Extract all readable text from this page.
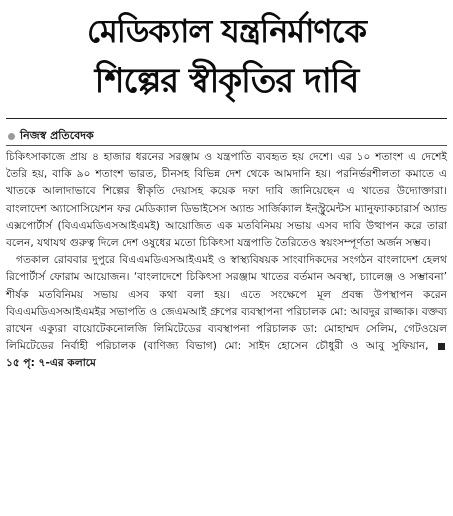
মেডিক্যাল যন্ত্রনির্মাণকে
শিল্পের স্বীকৃতির দাবি
নিজস্ব প্রতিবেদক

চিকিৎসাকাজে প্রায় ৪ হাজার ধরনের সরঞ্জাম ও যন্ত্রপাতি ব্যবহৃত হয় দেশে। এর ১০ শতাংশ এ দেশেই তৈরি হয়, বাকি ৯০ শতাংশ ভারত, চীনসহ বিভিন্ন দেশ থেকে আমদানি হয়। পরনির্ভরশীলতা কমাতে এ খাতকে আলাদাভাবে শিল্পের স্বীকৃতি দেয়াসহ কয়েক দফা দাবি জানিয়েছেন এ খাতের উদ্যোক্তারা। বাংলাদেশ অ্যাসোসিয়েশন ফর মেডিক্যাল ডিভাইসেস অ্যান্ড সার্জিক্যাল ইনস্ট্রুমেন্টস ম্যানুফ্যাকচারার্স অ্যান্ড এক্সপোর্টার্স (বিএএমডিএসআইএমই) আয়োজিত এক মতবিনিময় সভায় এসব দাবি উত্থাপন করে তারা বলেন, যথাযথ গুরুত্ব দিলে দেশ ওষুধের মতো চিকিৎসা যন্ত্রপাতি তৈরিতেও স্বয়ংসম্পূর্ণতা অর্জন সম্ভব।

গতকাল রোববার দুপুরে বিএএমডিএসআইএমই ও স্বাস্থ্যবিষয়ক সাংবাদিকদের সংগঠন বাংলাদেশ হেলথ রিপোর্টার্স ফোরাম আয়োজন। ‘বাংলাদেশে চিকিৎসা সরঞ্জাম খাতের বর্তমান অবস্থা, চ্যালেঞ্জ ও সম্ভাবনা’ শীর্ষক মতবিনিময় সভায় এসব কথা বলা হয়। এতে সংক্ষেপে মূল প্রবন্ধ উপস্থাপন করেন বিএএমডিএসআইএমইর সভাপতি ও জেএমআই গ্রুপের ব্যবস্থাপনা পরিচালক মো: আবদুর রাজ্জাক। বক্তব্য রাখেন এক্যুরা বায়োটেকনোলজি লিমিটেডের ব্যবস্থাপনা পরিচালক ডা: মোহাম্মদ সেলিম, গেটওয়েল লিমিটেডের নির্বাহী পরিচালক (বাণিজ্য বিভাগ) মো: সাইদ হোসেন চৌধুরী ও আবু সুফিয়ান, ১৫ পৃ: ৭-এর কলামে
